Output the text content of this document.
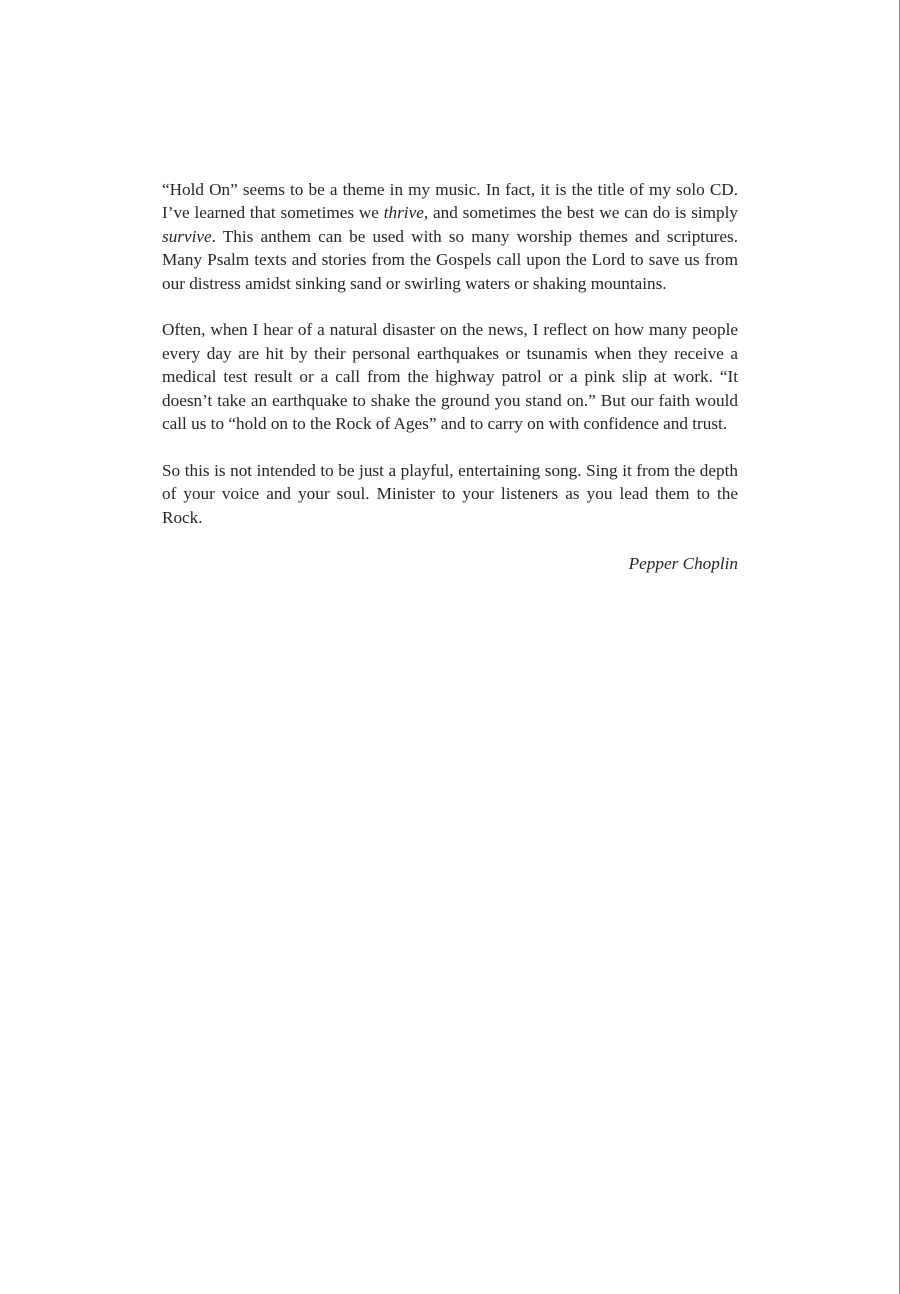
“Hold On” seems to be a theme in my music. In fact, it is the title of my solo CD. I’ve learned that sometimes we thrive, and sometimes the best we can do is simply survive. This anthem can be used with so many worship themes and scriptures. Many Psalm texts and stories from the Gospels call upon the Lord to save us from our distress amidst sinking sand or swirling waters or shaking mountains.

Often, when I hear of a natural disaster on the news, I reflect on how many people every day are hit by their personal earthquakes or tsunamis when they receive a medical test result or a call from the highway patrol or a pink slip at work. “It doesn’t take an earthquake to shake the ground you stand on.” But our faith would call us to “hold on to the Rock of Ages” and to carry on with confidence and trust.

So this is not intended to be just a playful, entertaining song. Sing it from the depth of your voice and your soul. Minister to your listeners as you lead them to the Rock.

Pepper Choplin
